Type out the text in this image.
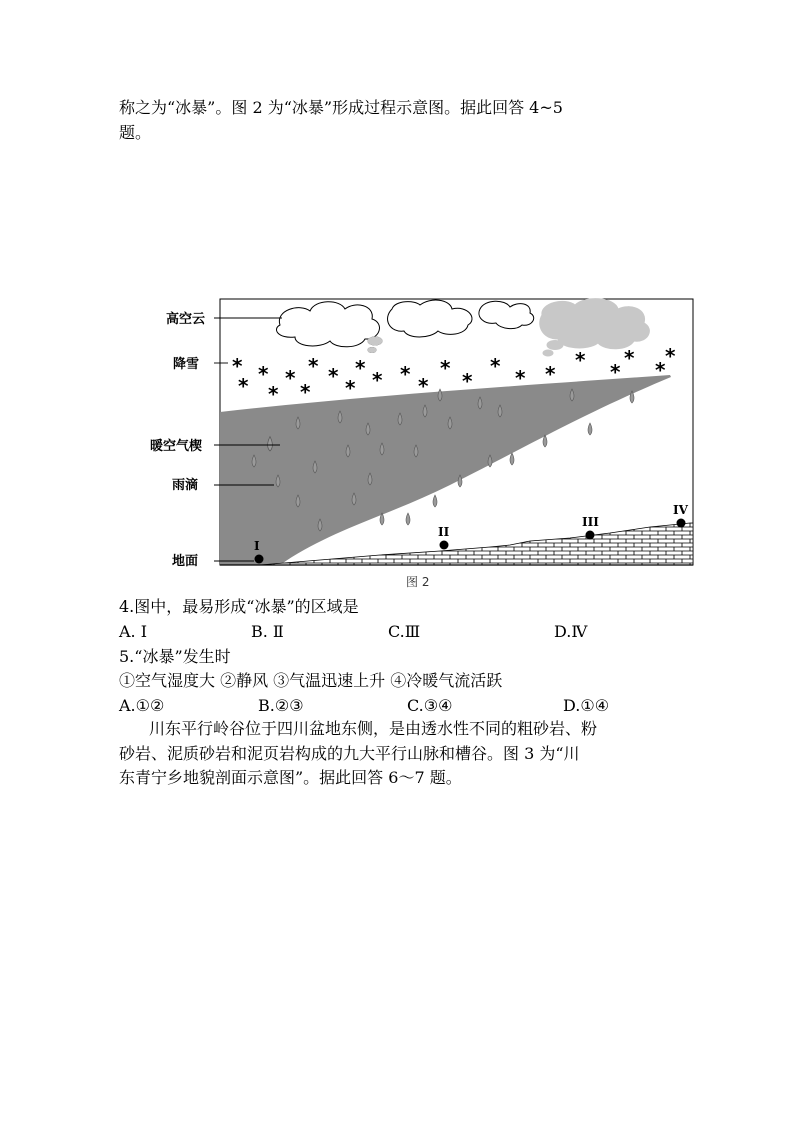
称之为“冰暴”。图 2 为“冰暴”形成过程示意图。据此回答 4~5
题。
*
* *
*
*
*
* * *
* * * *
*
*
* * *
* *
* *
*
I
II
III
IV
高空云
降雪
暖空气楔
雨滴
地面
图 2
4.图中，最易形成“冰暴”的区域是
A. Ⅰ	B. Ⅱ	C.Ⅲ	D.Ⅳ
5.“冰暴”发生时
①空气湿度大 ②静风 ③气温迅速上升 ④冷暖气流活跃
A.①②	B.②③	C.③④	D.①④
川东平行岭谷位于四川盆地东侧，是由透水性不同的粗砂岩、粉
砂岩、泥质砂岩和泥页岩构成的九大平行山脉和槽谷。图 3 为“川
东青宁乡地貌剖面示意图”。据此回答 6～7 题。
